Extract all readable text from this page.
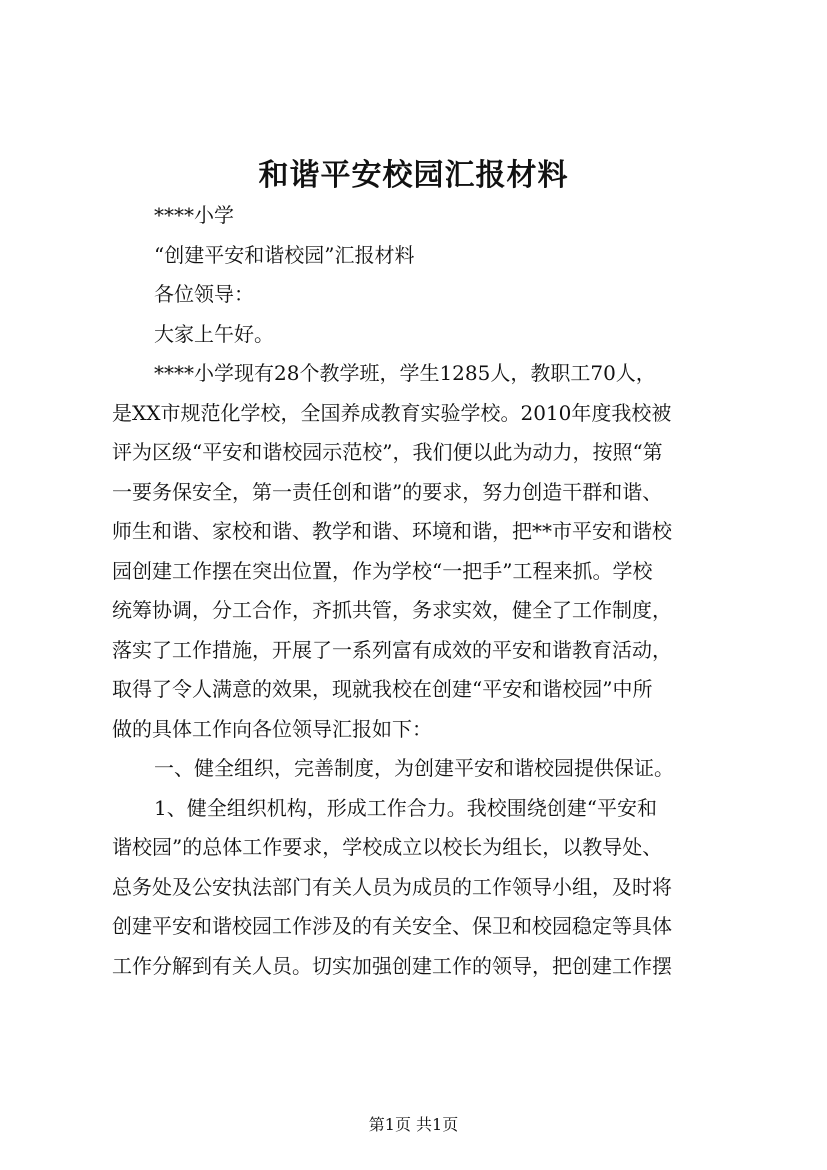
和谐平安校园汇报材料
****小学
“创建平安和谐校园”汇报材料
各位领导：
大家上午好。
****小学现有28个教学班，学生1285人，教职工70人，
是XX市规范化学校，全国养成教育实验学校。2010年度我校被
评为区级“平安和谐校园示范校”，我们便以此为动力，按照“第
一要务保安全，第一责任创和谐”的要求，努力创造干群和谐、
师生和谐、家校和谐、教学和谐、环境和谐，把**市平安和谐校
园创建工作摆在突出位置，作为学校“一把手”工程来抓。学校
统筹协调，分工合作，齐抓共管，务求实效，健全了工作制度，
落实了工作措施，开展了一系列富有成效的平安和谐教育活动，
取得了令人满意的效果，现就我校在创建“平安和谐校园”中所
做的具体工作向各位领导汇报如下：
一、健全组织，完善制度，为创建平安和谐校园提供保证。
1、健全组织机构，形成工作合力。我校围绕创建“平安和
谐校园”的总体工作要求，学校成立以校长为组长，以教导处、
总务处及公安执法部门有关人员为成员的工作领导小组，及时将
创建平安和谐校园工作涉及的有关安全、保卫和校园稳定等具体
工作分解到有关人员。切实加强创建工作的领导，把创建工作摆
第1页 共1页
